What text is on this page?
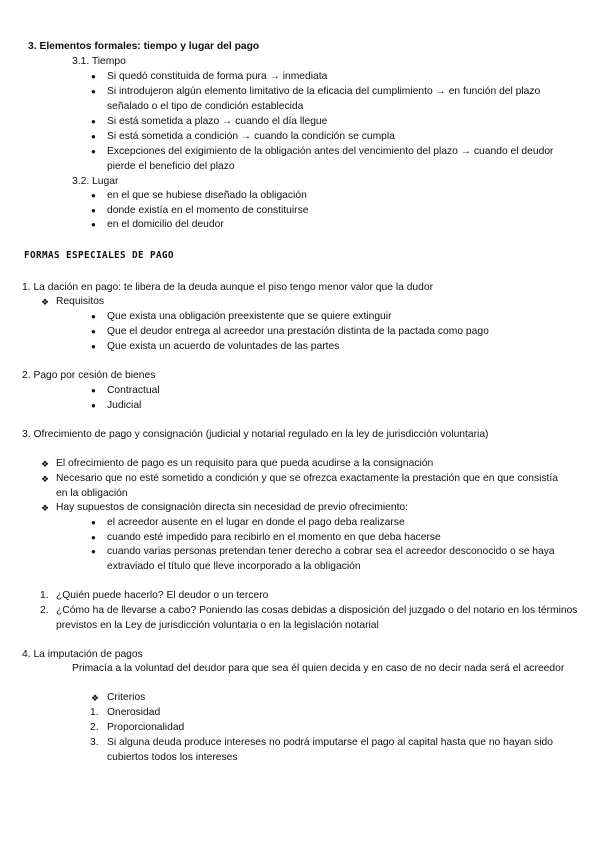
3. Elementos formales: tiempo y lugar del pago
3.1. Tiempo
● Si quedó constituida de forma pura → inmediata
● Si introdujeron algún elemento limitativo de la eficacia del cumplimiento → en función del plazo señalado o el tipo de condición establecida
● Si está sometida a plazo → cuando el día llegue
● Si está sometida a condición → cuando la condición se cumpla
● Excepciones del exigimiento de la obligación antes del vencimiento del plazo → cuando el deudor pierde el beneficio del plazo
3.2. Lugar
● en el que se hubiese diseñado la obligación
● donde existía en el momento de constituirse
● en el domicilio del deudor
FORMAS ESPECIALES DE PAGO
1. La dación en pago: te libera de la deuda aunque el piso tengo menor valor que la dudor
❖ Requisitos
● Que exista una obligación preexistente que se quiere extinguir
● Que el deudor entrega al acreedor una prestación distinta de la pactada como pago
● Que exista un acuerdo de voluntades de las partes
2. Pago por cesión de bienes
● Contractual
● Judicial
3. Ofrecimiento de pago y consignación (judicial y notarial regulado en la ley de jurisdicción voluntaria)
❖ El ofrecimiento de pago es un requisito para que pueda acudirse a la consignación
❖ Necesario que no esté sometido a condición y que se ofrezca exactamente la prestación que en que consistía en la obligación
❖ Hay supuestos de consignación directa sin necesidad de previo ofrecimiento:
● el acreedor ausente en el lugar en donde el pago deba realizarse
● cuando esté impedido para recibirlo en el momento en que deba hacerse
● cuando varias personas pretendan tener derecho a cobrar sea el acreedor desconocido o se haya extraviado el título que lleve incorporado a la obligación
1. ¿Quién puede hacerlo? El deudor o un tercero
2. ¿Cómo ha de llevarse a cabo? Poniendo las cosas debidas a disposición del juzgado o del notario en los términos previstos en la Ley de jurisdicción voluntaria o en la legislación notarial
4. La imputación de pagos
Primacía a la voluntad del deudor para que sea él quien decida y en caso de no decir nada será el acreedor
❖ Criterios
1. Onerosidad
2. Proporcionalidad
3. Si alguna deuda produce intereses no podrá imputarse el pago al capital hasta que no hayan sido cubiertos todos los intereses
